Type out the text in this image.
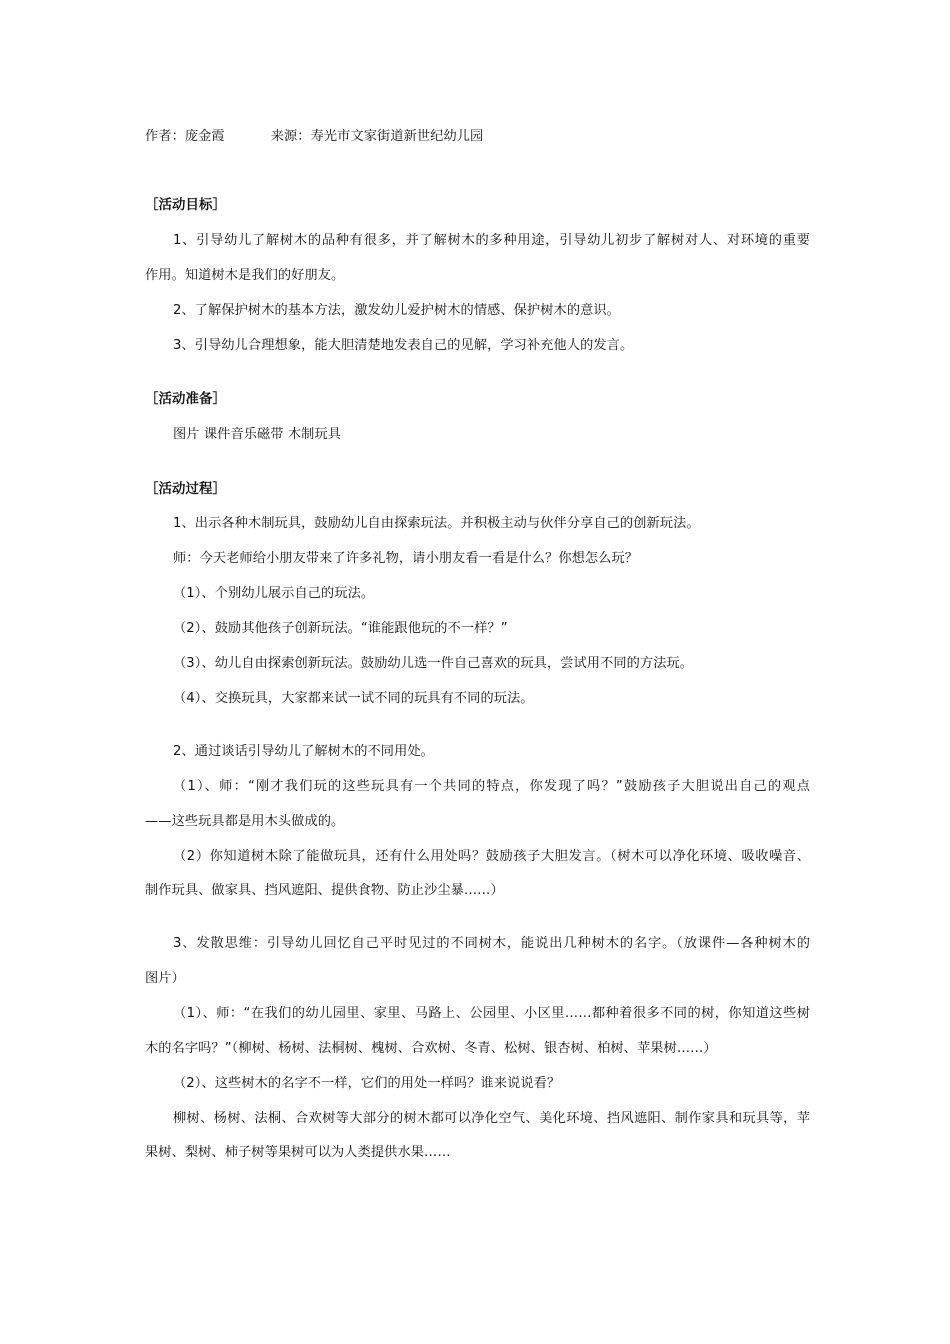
作者：庞金霞	来源：寿光市文家街道新世纪幼儿园
［活动目标］
1、引导幼儿了解树木的品种有很多，并了解树木的多种用途，引导幼儿初步了解树对人、对环境的重要
作用。知道树木是我们的好朋友。
2、了解保护树木的基本方法，激发幼儿爱护树木的情感、保护树木的意识。
3、引导幼儿合理想象，能大胆清楚地发表自己的见解，学习补充他人的发言。
［活动准备］
图片 课件音乐磁带 木制玩具
［活动过程］
1、出示各种木制玩具，鼓励幼儿自由探索玩法。并积极主动与伙伴分享自己的创新玩法。
师：今天老师给小朋友带来了许多礼物，请小朋友看一看是什么？你想怎么玩？
（1）、个别幼儿展示自己的玩法。
（2）、鼓励其他孩子创新玩法。“谁能跟他玩的不一样？”
（3）、幼儿自由探索创新玩法。鼓励幼儿选一件自己喜欢的玩具，尝试用不同的方法玩。
（4）、交换玩具，大家都来试一试不同的玩具有不同的玩法。
2、通过谈话引导幼儿了解树木的不同用处。
（1）、师：“刚才我们玩的这些玩具有一个共同的特点，你发现了吗？”鼓励孩子大胆说出自己的观点
——这些玩具都是用木头做成的。
（2）你知道树木除了能做玩具，还有什么用处吗？鼓励孩子大胆发言。（树木可以净化环境、吸收噪音、
制作玩具、做家具、挡风遮阳、提供食物、防止沙尘暴……）
3、发散思维：引导幼儿回忆自己平时见过的不同树木，能说出几种树木的名字。（放课件—各种树木的
图片）
（1）、师：“在我们的幼儿园里、家里、马路上、公园里、小区里……都种着很多不同的树，你知道这些树
木的名字吗？”（柳树、杨树、法桐树、槐树、合欢树、冬青、松树、银杏树、柏树、苹果树……）
（2）、这些树木的名字不一样，它们的用处一样吗？谁来说说看？
柳树、杨树、法桐、合欢树等大部分的树木都可以净化空气、美化环境、挡风遮阳、制作家具和玩具等，苹
果树、梨树、柿子树等果树可以为人类提供水果……
